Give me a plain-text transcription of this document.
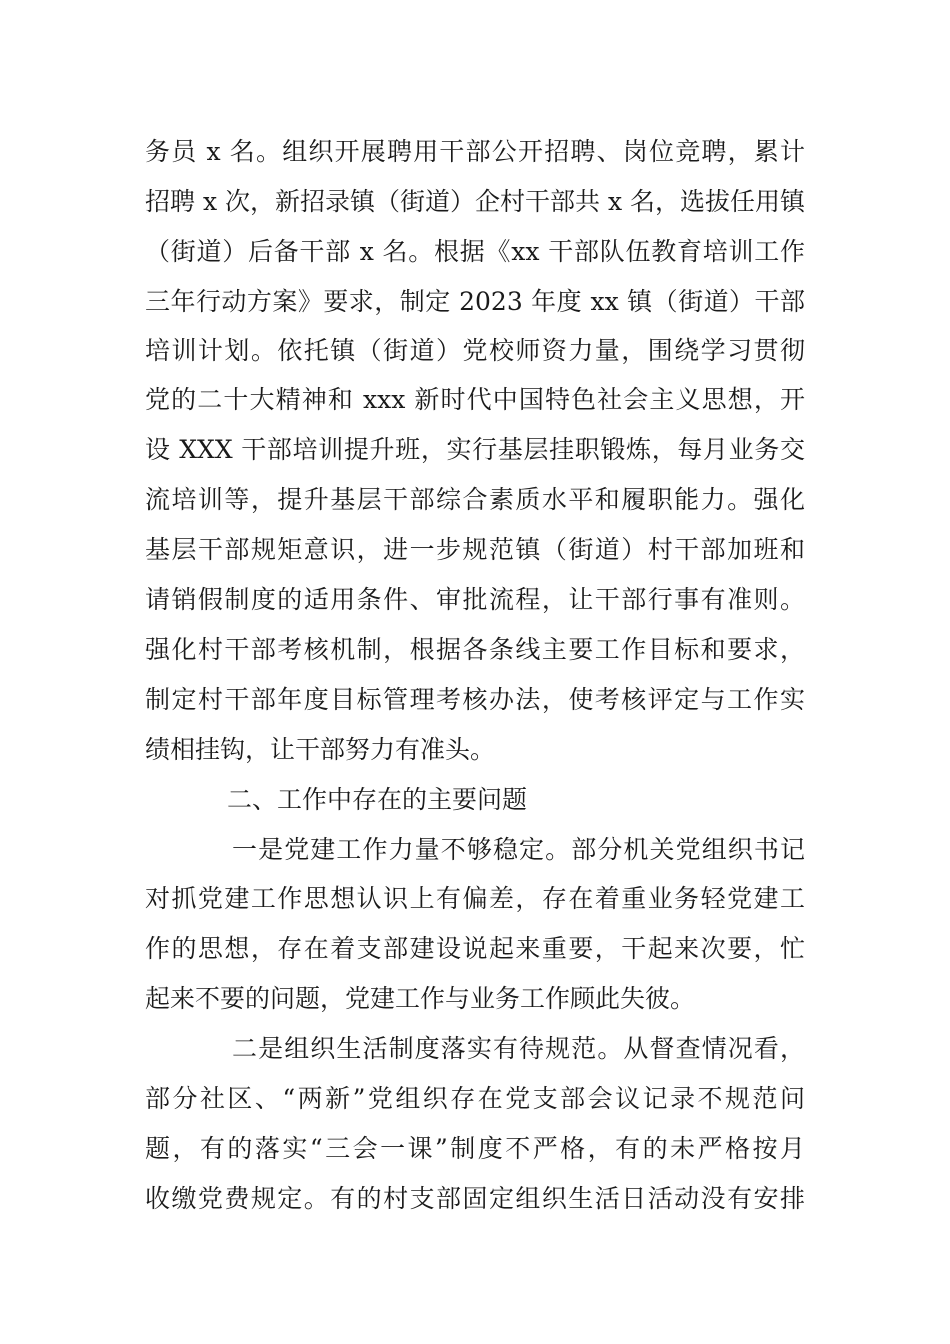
务员 x 名。组织开展聘用干部公开招聘、岗位竞聘，累计
招聘 x 次，新招录镇（街道）企村干部共 x 名，选拔任用镇
（街道）后备干部 x 名。根据《xx 干部队伍教育培训工作
三年行动方案》要求，制定 2023 年度 xx 镇（街道）干部
培训计划。依托镇（街道）党校师资力量，围绕学习贯彻
党的二十大精神和 xxx 新时代中国特色社会主义思想，开
设 XXX 干部培训提升班，实行基层挂职锻炼，每月业务交
流培训等，提升基层干部综合素质水平和履职能力。强化
基层干部规矩意识，进一步规范镇（街道）村干部加班和
请销假制度的适用条件、审批流程，让干部行事有准则。
强化村干部考核机制，根据各条线主要工作目标和要求，
制定村干部年度目标管理考核办法，使考核评定与工作实
绩相挂钩，让干部努力有准头。
二、工作中存在的主要问题
一是党建工作力量不够稳定。部分机关党组织书记
对抓党建工作思想认识上有偏差，存在着重业务轻党建工
作的思想，存在着支部建设说起来重要，干起来次要，忙
起来不要的问题，党建工作与业务工作顾此失彼。
二是组织生活制度落实有待规范。从督查情况看，
部分社区、“两新”党组织存在党支部会议记录不规范问
题，有的落实“三会一课”制度不严格，有的未严格按月
收缴党费规定。有的村支部固定组织生活日活动没有安排
